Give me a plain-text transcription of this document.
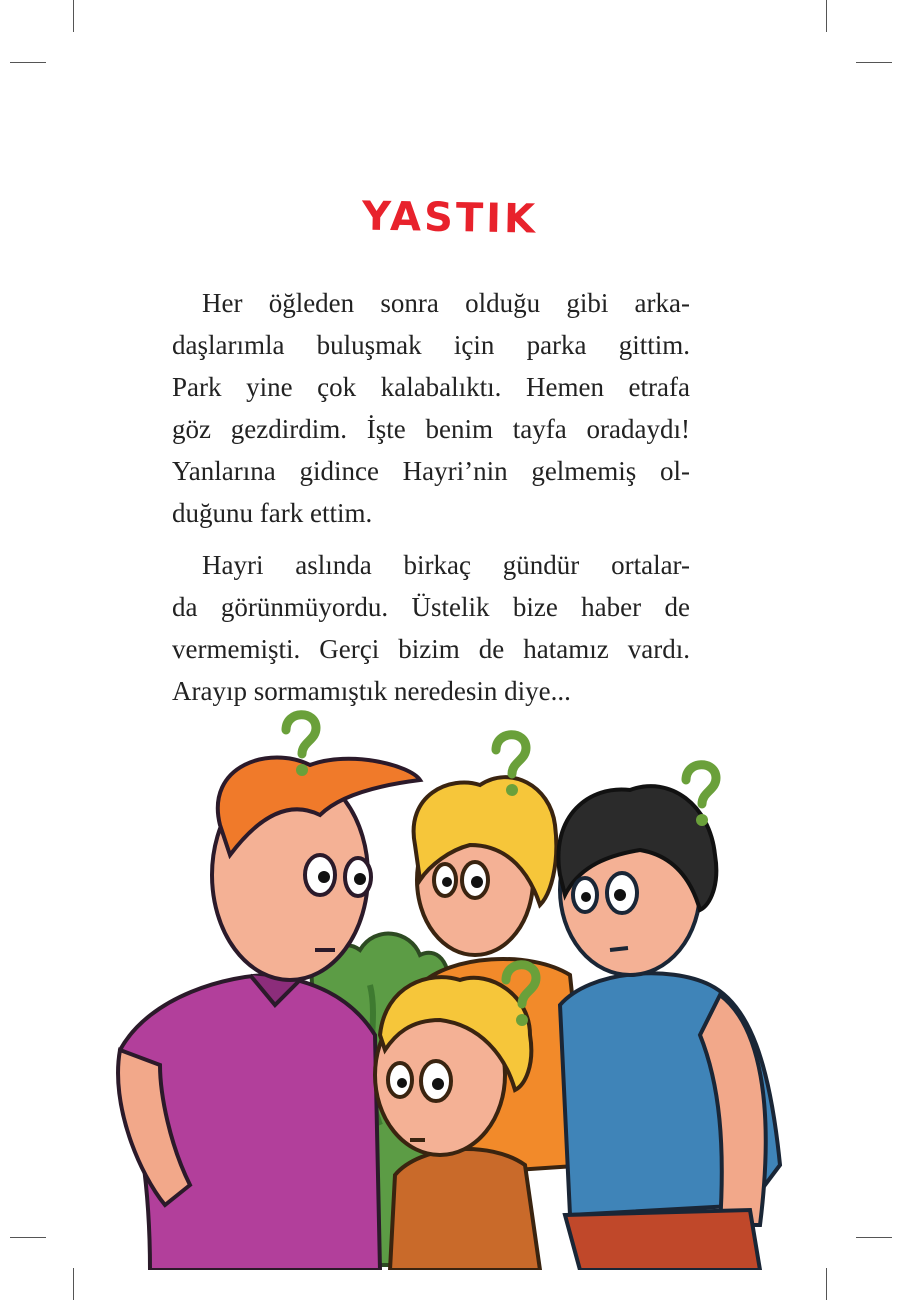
YASTIK
Her öğleden sonra olduğu gibi arka-
daşlarımla buluşmak için parka gittim.
Park yine çok kalabalıktı. Hemen etrafa
göz gezdirdim. İşte benim tayfa oradaydı!
Yanlarına gidince Hayri’nin gelmemiş ol-
duğunu fark ettim.
Hayri aslında birkaç gündür ortalar-
da görünmüyordu. Üstelik bize haber de
vermemişti. Gerçi bizim de hatamız vardı.
Arayıp sormamıştık neredesin diye...
